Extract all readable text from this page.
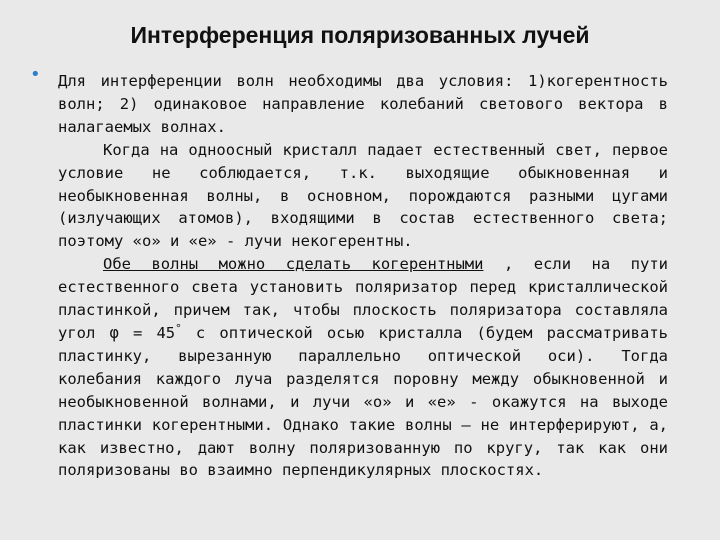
Интерференция поляризованных лучей
• Для интерференции волн необходимы два условия: 1)когерентность волн; 2) одинаковое направление колебаний светового вектора в налагаемых волнах.

Когда на одноосный кристалл падает естественный свет, первое условие не соблюдается, т.к. выходящие обыкновенная и необыкновенная волны, в основном, порождаются разными цугами (излучающих атомов), входящими в состав естественного света; поэтому «о» и «е» - лучи некогерентны.

Обе волны можно сделать когерентными , если на пути естественного света установить поляризатор перед кристаллической пластинкой, причем так, чтобы плоскость поляризатора составляла угол φ = 45° с оптической осью кристалла (будем рассматривать пластинку, вырезанную параллельно оптической оси). Тогда колебания каждого луча разделятся поровну между обыкновенной и необыкновенной волнами, и лучи «о» и «е» - окажутся на выходе пластинки когерентными. Однако такие волны – не интерферируют, а, как известно, дают волну поляризованную по кругу, так как они поляризованы во взаимно перпендикулярных плоскостях.
